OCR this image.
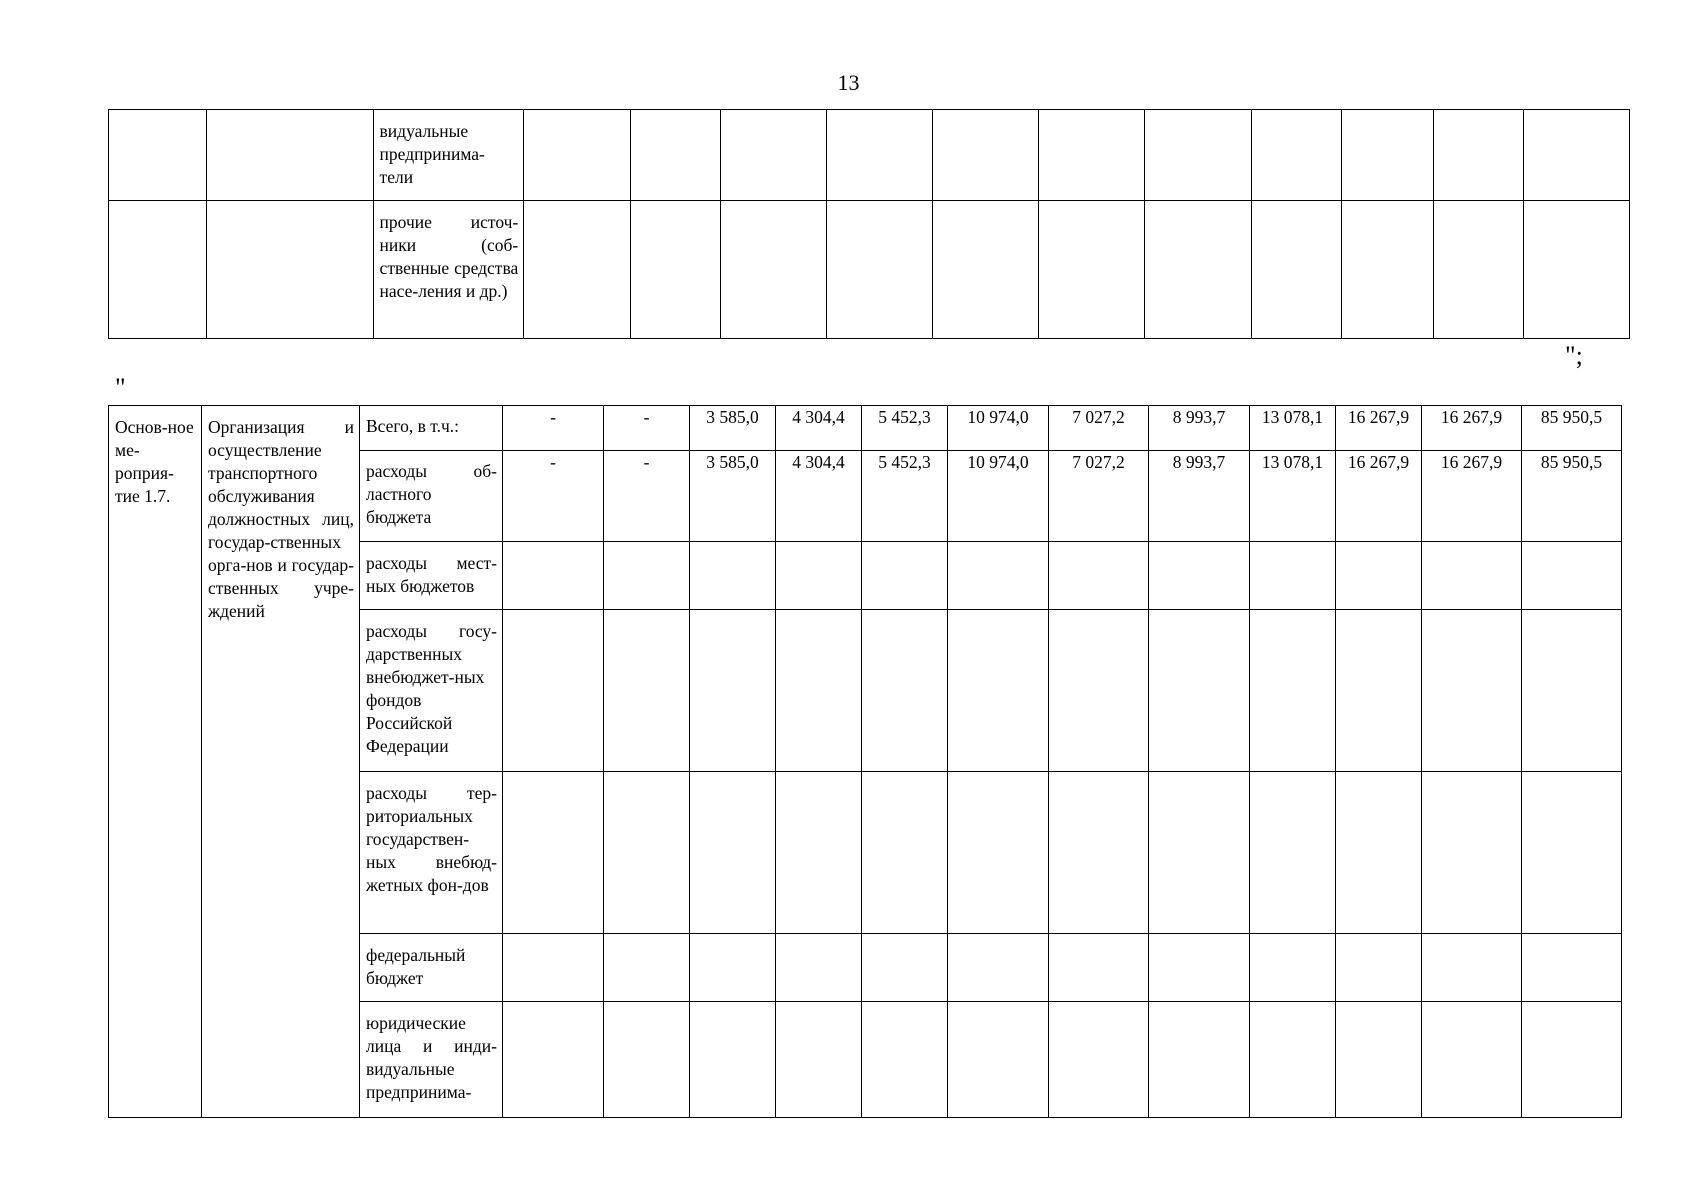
13

		видуальные предпринима-тели											

		прочие источ-ники (соб-ственные средства насе-ления и др.)											

";
"
Основ-ное ме-роприя-тие 1.7.	Организация и осуществление транспортного обслуживания должностных лиц, государ-ственных орга-нов и государ-ственных учре-ждений	Всего, в т.ч.:	-	-	3 585,0	4 304,4	5 452,3	10 974,0	7 027,2	8 993,7	13 078,1	16 267,9	16 267,9	85 950,5

		расходы об-ластного бюджета	-	-	3 585,0	4 304,4	5 452,3	10 974,0	7 027,2	8 993,7	13 078,1	16 267,9	16 267,9	85 950,5

		расходы мест-ных бюджетов												

		расходы госу-дарственных внебюджет-ных фондов Российской Федерации												

		расходы тер-риториальных государствен-ных внебюд-жетных фон-дов												

		федеральный бюджет												

		юридические лица и инди-видуальные предпринима-												
